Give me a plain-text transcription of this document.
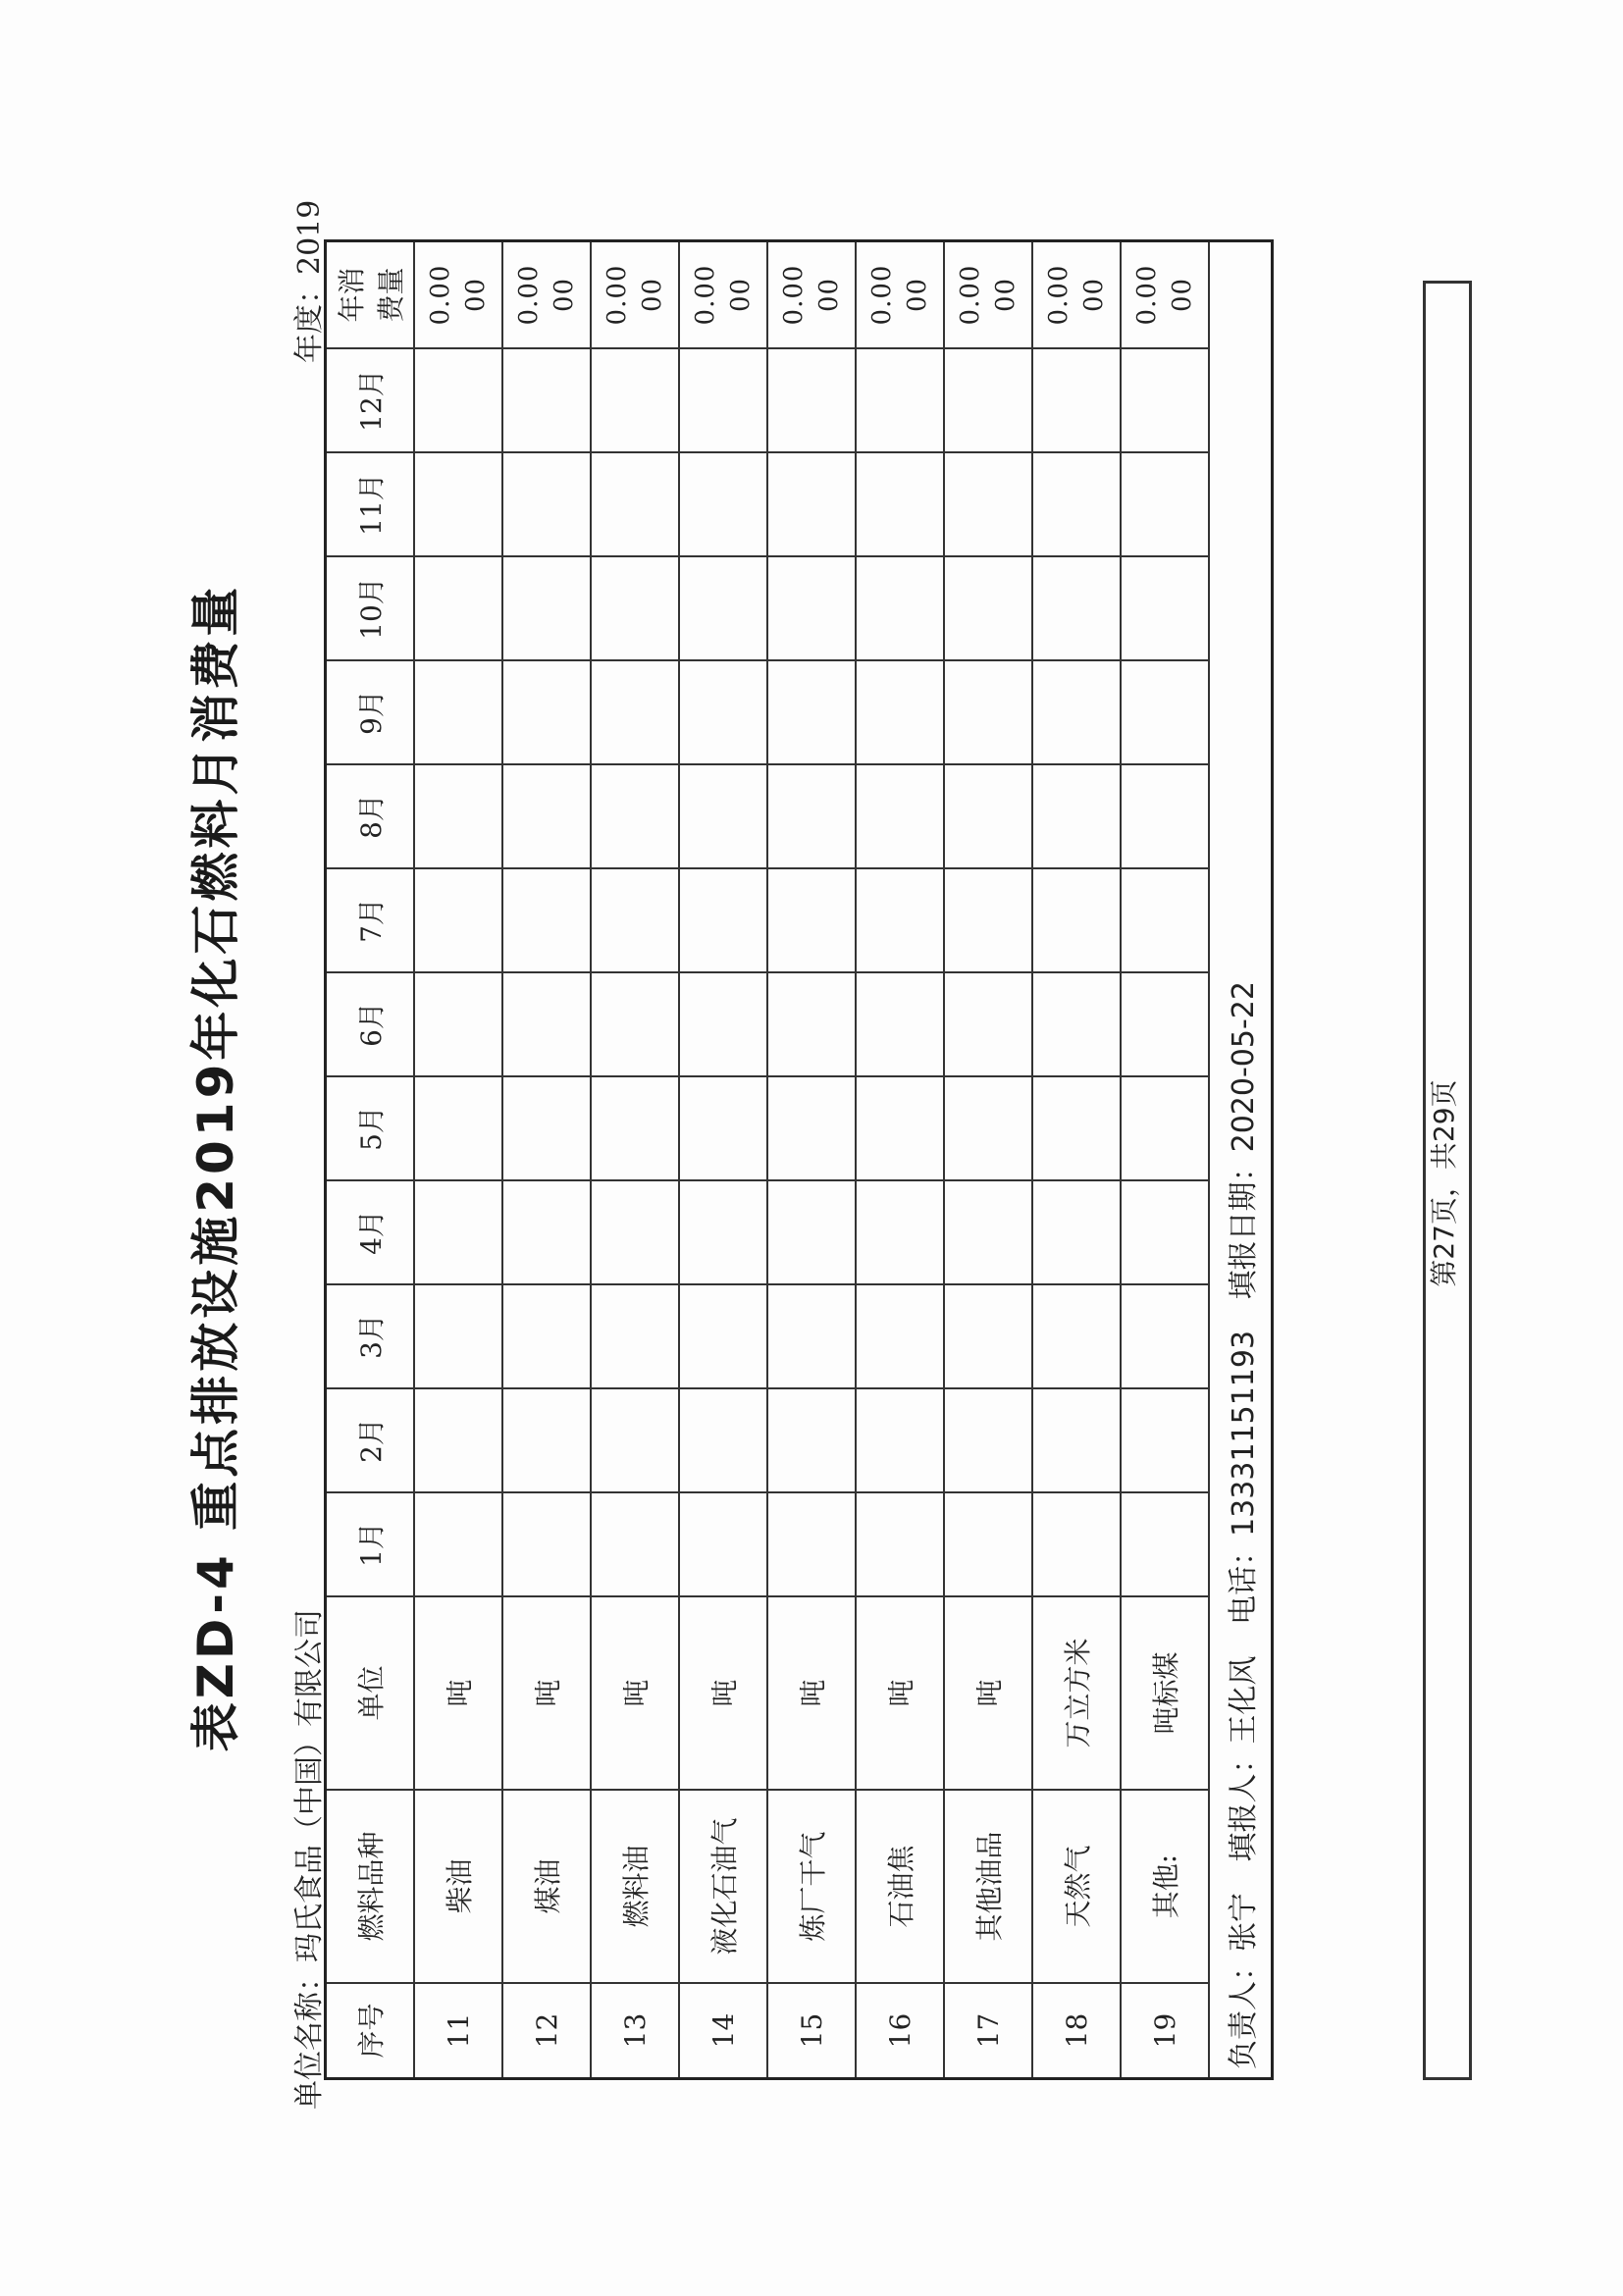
表ZD-4 重点排放设施2019年化石燃料月消费量
单位名称：玛氏食品（中国）有限公司
年度：2019
序号	燃料品种	单位	1月	2月	3月	4月	5月	6月	7月	8月	9月	10月	11月	12月	年消 费量

11	柴油	吨													0.00 00

12	煤油	吨													0.00 00

13	燃料油	吨													0.00 00

14	液化石油气	吨													0.00 00

15	炼厂干气	吨													0.00 00

16	石油焦	吨													0.00 00

17	其他油品	吨													0.00 00

18	天然气	万立方米													0.00 00

19	其他:	吨标煤													0.00 00

负责人：张宁 填报人：王化风 电话：13331151193 填报日期：2020-05-22																第27页，共29页
